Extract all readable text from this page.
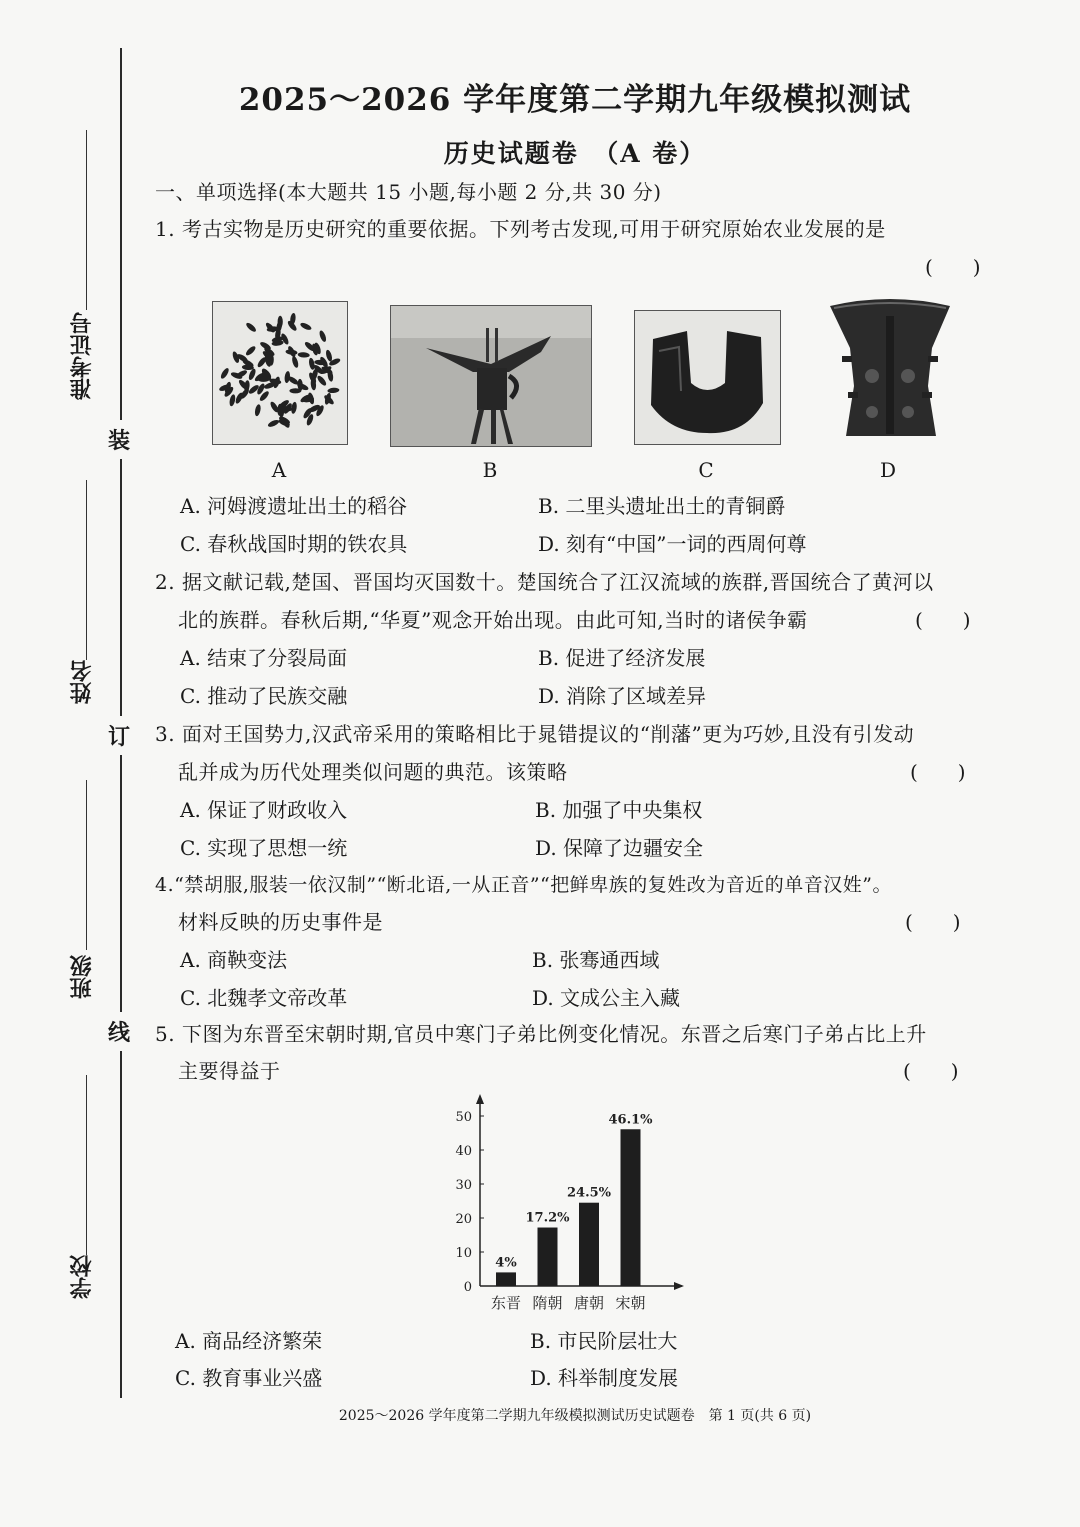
准考证号
姓名
班级
学校
装
订
线
2025～2026 学年度第二学期九年级模拟测试
历史试题卷　（A 卷）
一、单项选择(本大题共 15 小题,每小题 2 分,共 30 分)
1. 考古实物是历史研究的重要依据。下列考古发现,可用于研究原始农业发展的是
(　　)
A	B	C	D
A. 河姆渡遗址出土的稻谷	B. 二里头遗址出土的青铜爵
C. 春秋战国时期的铁农具	D. 刻有“中国”一词的西周何尊
2. 据文献记载,楚国、晋国均灭国数十。楚国统合了江汉流域的族群,晋国统合了黄河以
北的族群。春秋后期,“华夏”观念开始出现。由此可知,当时的诸侯争霸	(　　)
A. 结束了分裂局面	B. 促进了经济发展
C. 推动了民族交融	D. 消除了区域差异
3. 面对王国势力,汉武帝采用的策略相比于晁错提议的“削藩”更为巧妙,且没有引发动
乱并成为历代处理类似问题的典范。该策略	(　　)
A. 保证了财政收入	B. 加强了中央集权
C. 实现了思想一统	D. 保障了边疆安全
4.“禁胡服,服装一依汉制”“断北语,一从正音”“把鲜卑族的复姓改为音近的单音汉姓”。
材料反映的历史事件是	(　　)
A. 商鞅变法	B. 张骞通西域
C. 北魏孝文帝改革	D. 文成公主入藏
5. 下图为东晋至宋朝时期,官员中寒门子弟比例变化情况。东晋之后寒门子弟占比上升
主要得益于	(　　)
0
10
20
30
40
50
4%
东晋
17.2%
隋朝
24.5%
唐朝
46.1%
宋朝
A. 商品经济繁荣	B. 市民阶层壮大
C. 教育事业兴盛	D. 科举制度发展
2025～2026 学年度第二学期九年级模拟测试历史试题卷　第 1 页(共 6 页)
